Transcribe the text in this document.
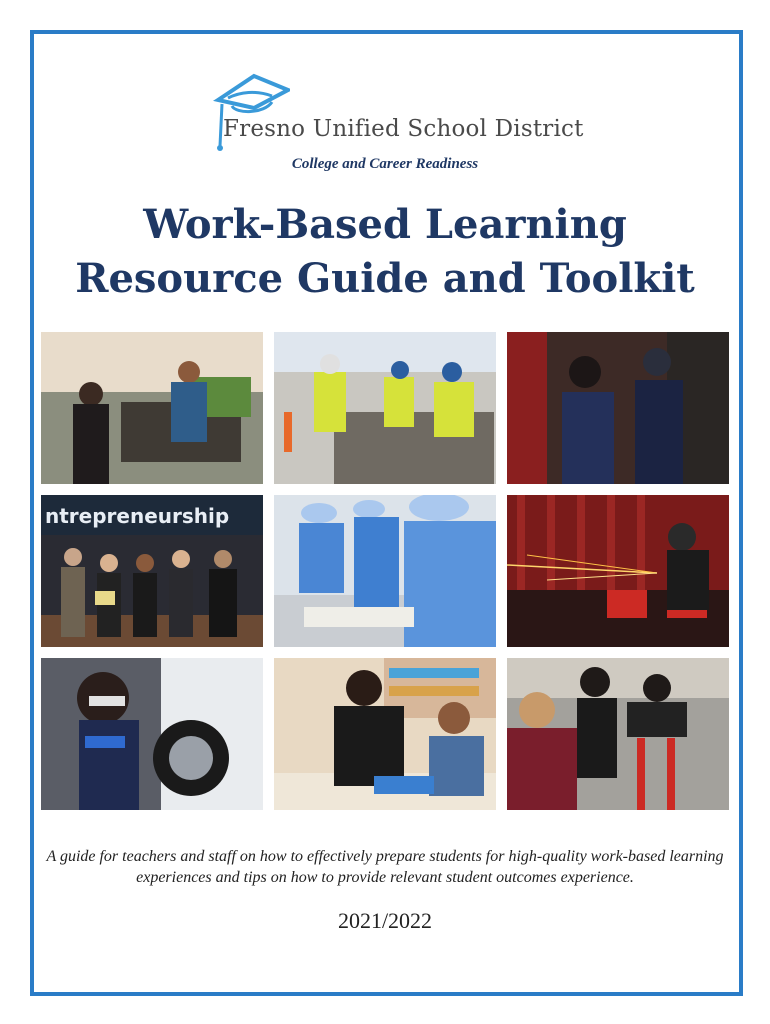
Fresno Unified School District
College and Career Readiness
Work-Based Learning
Resource Guide and Toolkit
ntrepreneurship
A guide for teachers and staff on how to effectively prepare students for high-quality work-based learning experiences and tips on how to provide relevant student outcomes experience.
2021/2022
